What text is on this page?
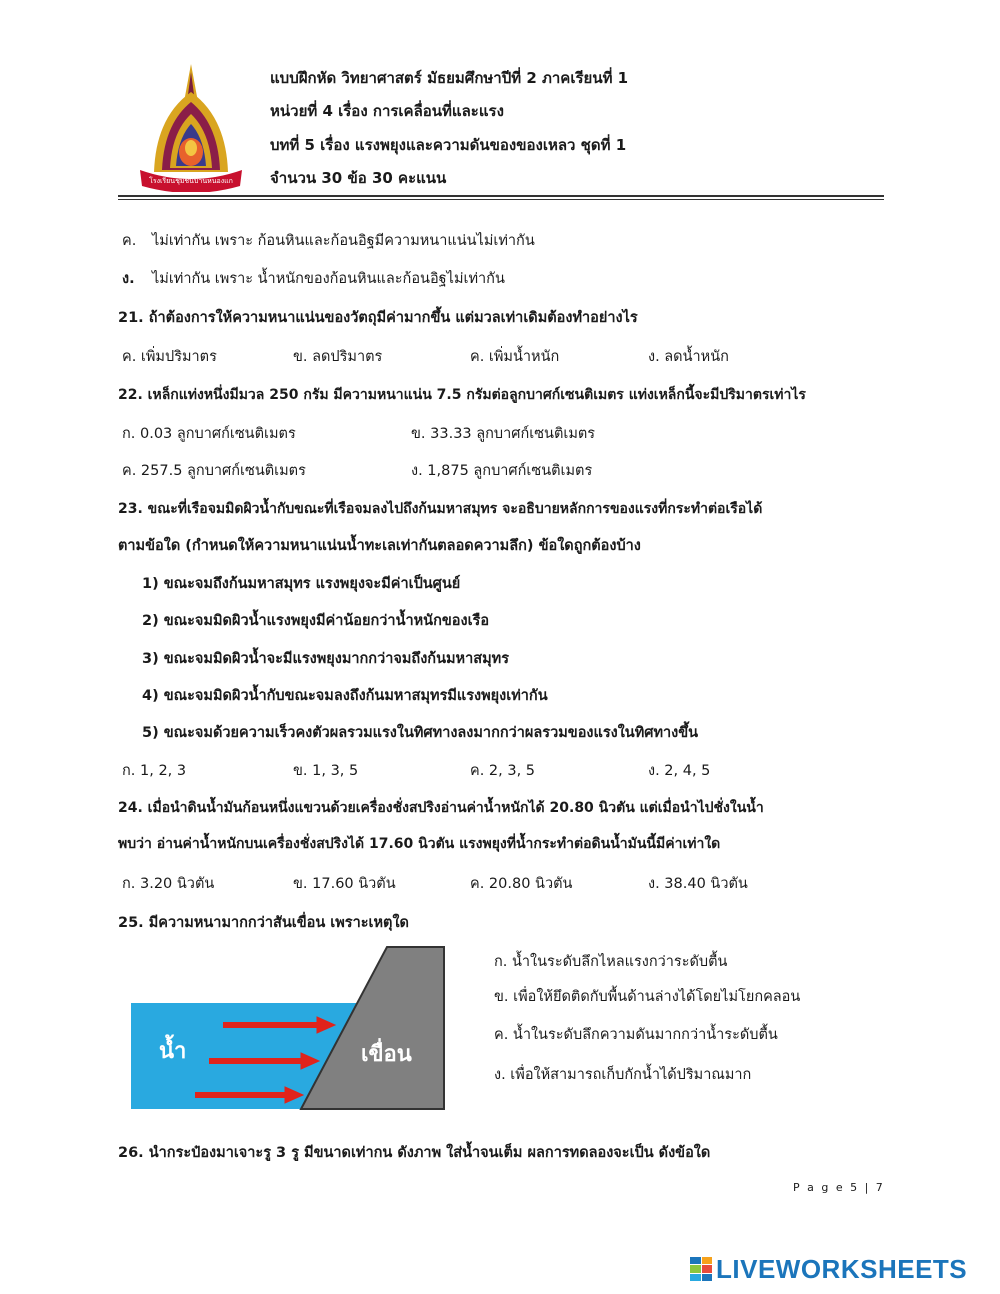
โรงเรียนชุมชนบ้านหนองแก
แบบฝึกหัด วิทยาศาสตร์ มัธยมศึกษาปีที่ 2 ภาคเรียนที่ 1
หน่วยที่ 4 เรื่อง การเคลื่อนที่และแรง
บทที่ 5 เรื่อง แรงพยุงและความดันของของเหลว ชุดที่ 1
จำนวน 30 ข้อ 30 คะแนน
ค. ไม่เท่ากัน เพราะ ก้อนหินและก้อนอิฐมีความหนาแน่นไม่เท่ากัน
ง. ไม่เท่ากัน เพราะ น้ำหนักของก้อนหินและก้อนอิฐไม่เท่ากัน
21. ถ้าต้องการให้ความหนาแน่นของวัตถุมีค่ามากขึ้น แต่มวลเท่าเดิมต้องทำอย่างไร
ค. เพิ่มปริมาตร	ข. ลดปริมาตร	ค. เพิ่มน้ำหนัก	ง. ลดน้ำหนัก
22. เหล็กแท่งหนึ่งมีมวล 250 กรัม มีความหนาแน่น 7.5 กรัมต่อลูกบาศก์เซนติเมตร แท่งเหล็กนี้จะมีปริมาตรเท่าไร
ก. 0.03 ลูกบาศก์เซนติเมตร	ข. 33.33 ลูกบาศก์เซนติเมตร
ค. 257.5 ลูกบาศก์เซนติเมตร	ง. 1,875 ลูกบาศก์เซนติเมตร
23. ขณะที่เรือจมมิดผิวน้ำกับขณะที่เรือจมลงไปถึงก้นมหาสมุทร จะอธิบายหลักการของแรงที่กระทำต่อเรือได้
ตามข้อใด (กำหนดให้ความหนาแน่นน้ำทะเลเท่ากันตลอดความลึก) ข้อใดถูกต้องบ้าง
1) ขณะจมถึงก้นมหาสมุทร แรงพยุงจะมีค่าเป็นศูนย์
2) ขณะจมมิดผิวน้ำแรงพยุงมีค่าน้อยกว่าน้ำหนักของเรือ
3) ขณะจมมิดผิวน้ำจะมีแรงพยุงมากกว่าจมถึงก้นมหาสมุทร
4) ขณะจมมิดผิวน้ำกับขณะจมลงถึงก้นมหาสมุทรมีแรงพยุงเท่ากัน
5) ขณะจมด้วยความเร็วคงตัวผลรวมแรงในทิศทางลงมากกว่าผลรวมของแรงในทิศทางขึ้น
ก. 1, 2, 3	ข. 1, 3, 5	ค. 2, 3, 5	ง. 2, 4, 5
24. เมื่อนำดินน้ำมันก้อนหนึ่งแขวนด้วยเครื่องชั่งสปริงอ่านค่าน้ำหนักได้ 20.80 นิวตัน แต่เมื่อนำไปชั่งในน้ำ
พบว่า อ่านค่าน้ำหนักบนเครื่องชั่งสปริงได้ 17.60 นิวตัน แรงพยุงที่น้ำกระทำต่อดินน้ำมันนี้มีค่าเท่าใด
ก. 3.20 นิวตัน	ข. 17.60 นิวตัน	ค. 20.80 นิวตัน	ง. 38.40 นิวตัน
25. มีความหนามากกว่าสันเขื่อน เพราะเหตุใด
น้ำ	เขื่อน
ก. น้ำในระดับลึกไหลแรงกว่าระดับตื้น
ข. เพื่อให้ยึดติดกับพื้นด้านล่างได้โดยไม่โยกคลอน
ค. น้ำในระดับลึกความดันมากกว่าน้ำระดับตื้น
ง. เพื่อให้สามารถเก็บกักน้ำได้ปริมาณมาก
26. นำกระป๋องมาเจาะรู 3 รู มีขนาดเท่ากน ดังภาพ ใส่น้ำจนเต็ม ผลการทดลองจะเป็น ดังข้อใด
P a g e 5 | 7
LIVEWORKSHEETS
